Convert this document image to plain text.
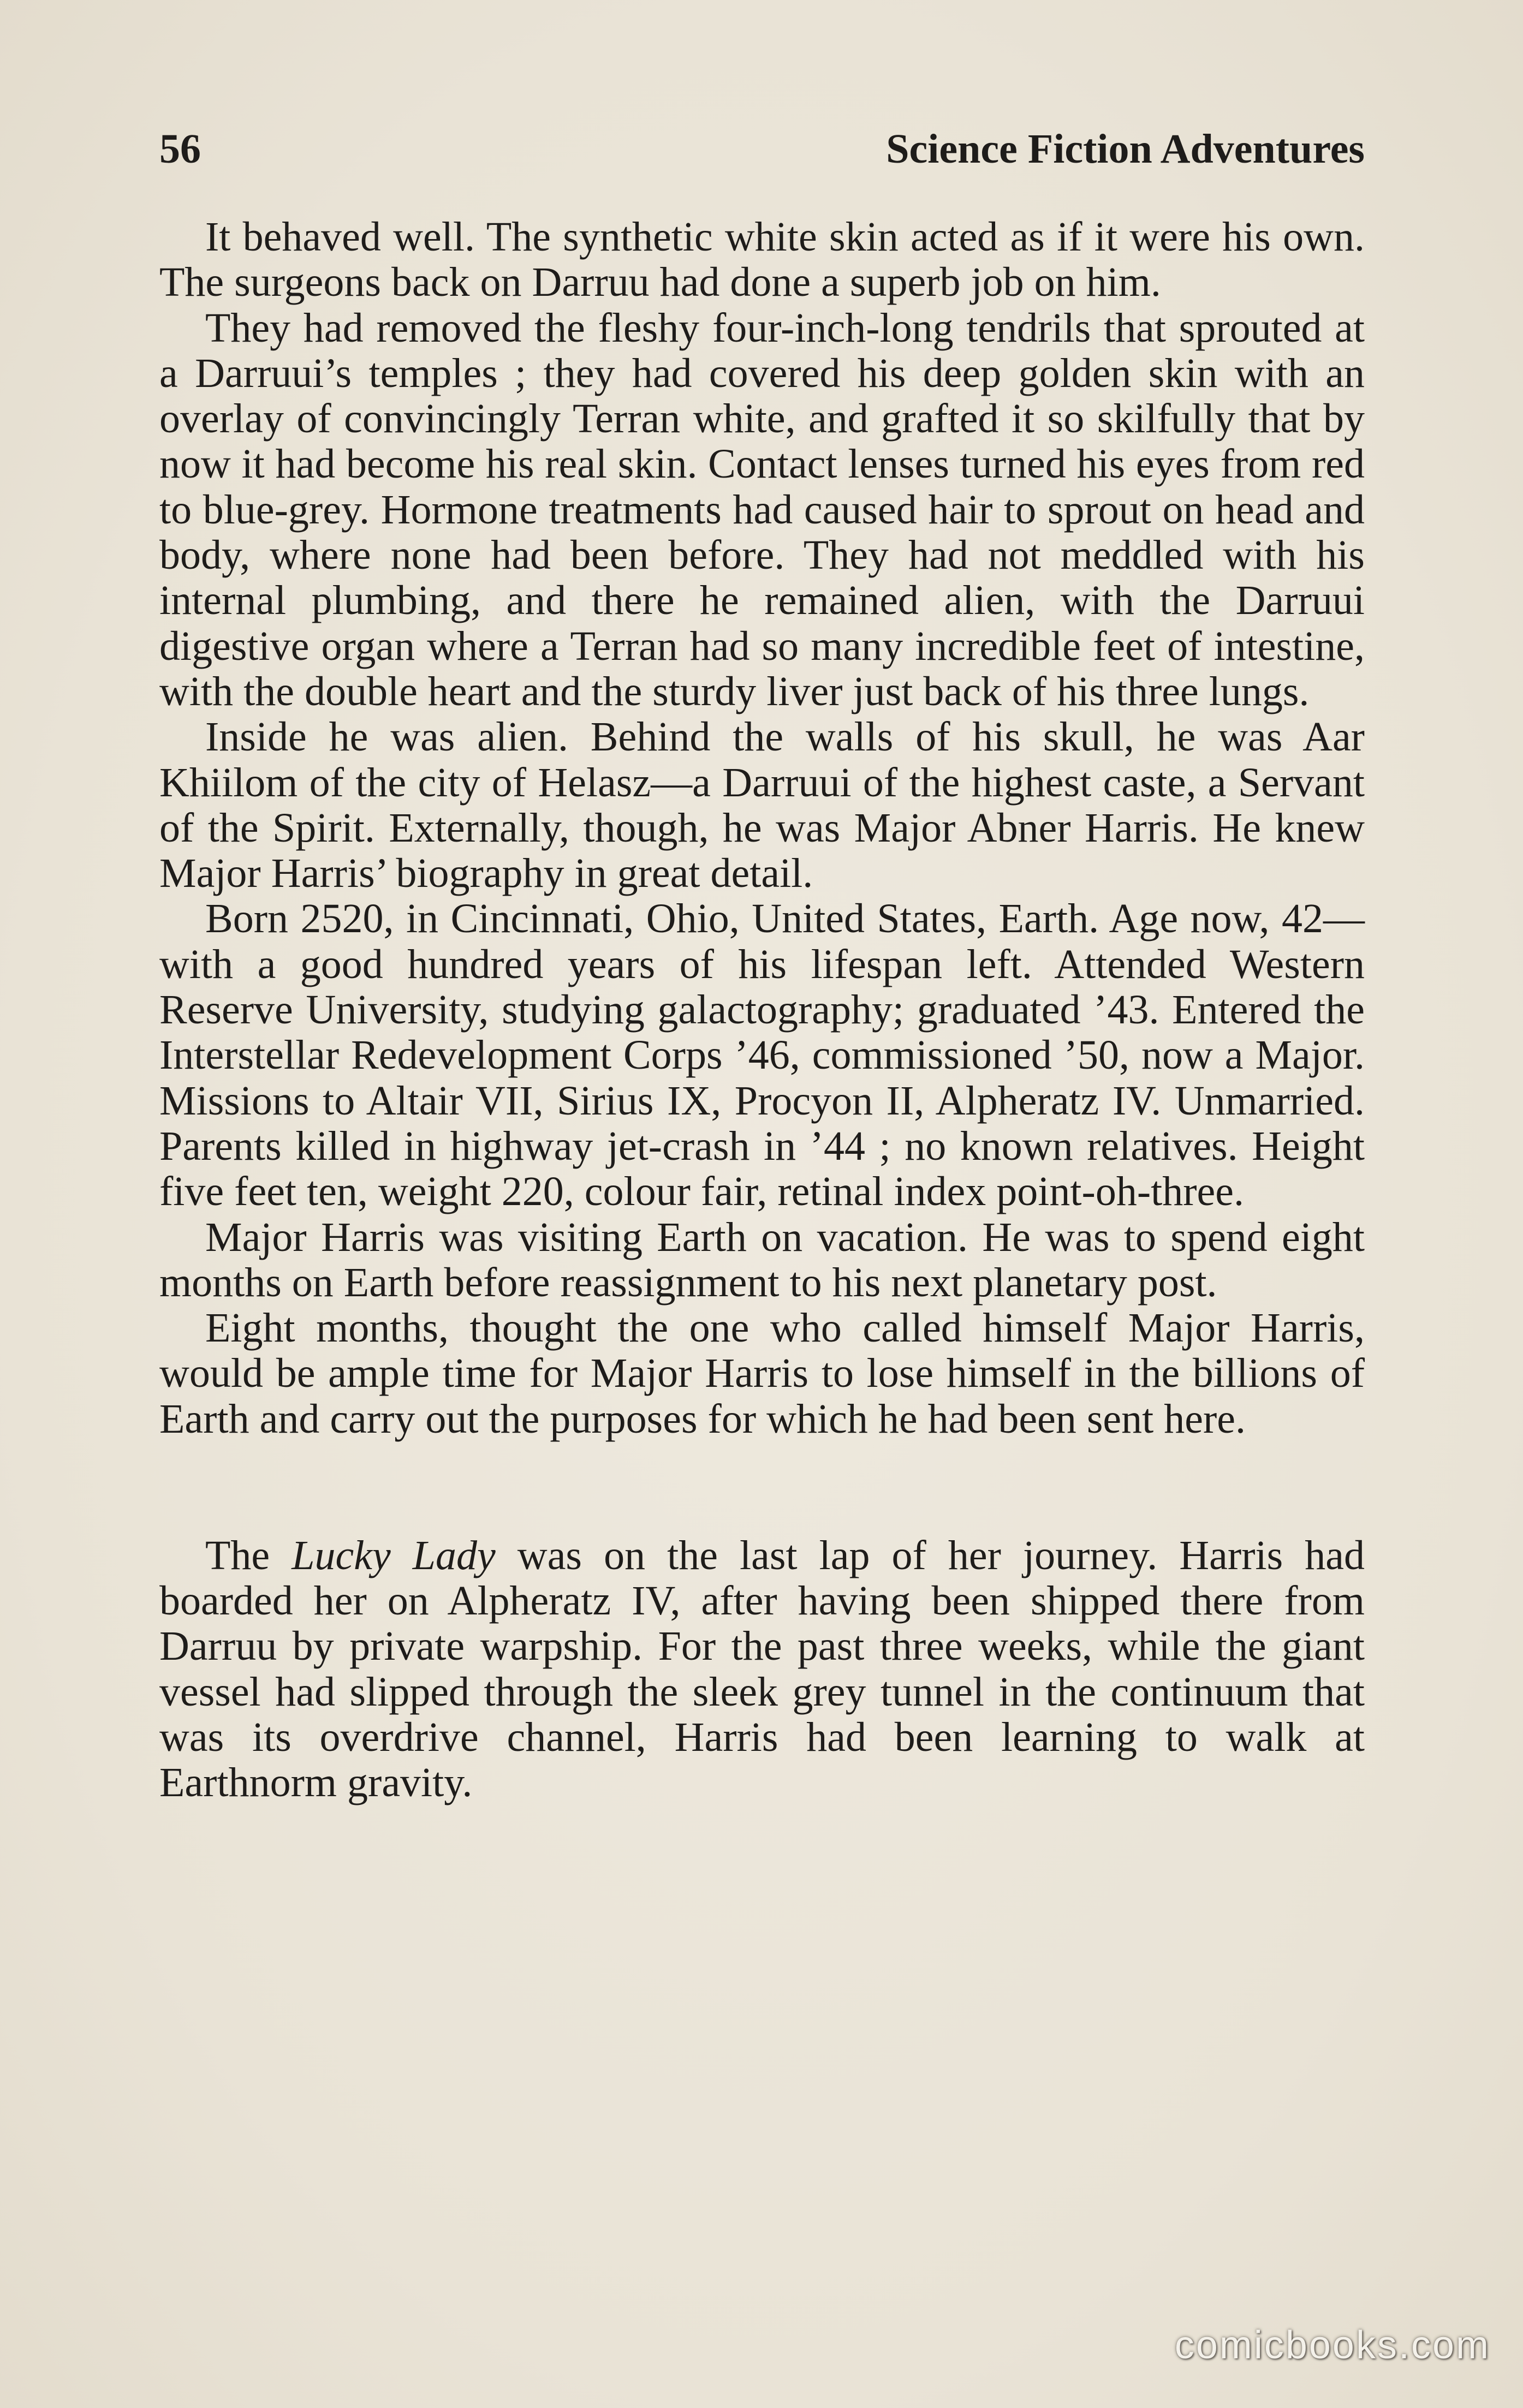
56	Science Fiction Adventures

It behaved well. The synthetic white skin acted as if it were his own. The surgeons back on Darruu had done a superb job on him.

They had removed the fleshy four-inch-long tendrils that sprouted at a Darruui’s temples ; they had covered his deep golden skin with an overlay of convincingly Terran white, and grafted it so skilfully that by now it had become his real skin. Contact lenses turned his eyes from red to blue-grey. Hormone treatments had caused hair to sprout on head and body, where none had been before. They had not meddled with his internal plumbing, and there he remained alien, with the Darruui digestive organ where a Terran had so many incredible feet of intestine, with the double heart and the sturdy liver just back of his three lungs.

Inside he was alien. Behind the walls of his skull, he was Aar Khiilom of the city of Helasz—a Darruui of the highest caste, a Servant of the Spirit. Externally, though, he was Major Abner Harris. He knew Major Harris’ biography in great detail.

Born 2520, in Cincinnati, Ohio, United States, Earth. Age now, 42—with a good hundred years of his lifespan left. Attended Western Reserve University, studying galactography; graduated ’43. Entered the Interstellar Redevelopment Corps ’46, commissioned ’50, now a Major. Missions to Altair VII, Sirius IX, Procyon II, Alpheratz IV. Unmarried. Parents killed in highway jet-crash in ’44 ; no known relatives. Height five feet ten, weight 220, colour fair, retinal index point-oh-three.

Major Harris was visiting Earth on vacation. He was to spend eight months on Earth before reassignment to his next planetary post.

Eight months, thought the one who called himself Major Harris, would be ample time for Major Harris to lose himself in the billions of Earth and carry out the purposes for which he had been sent here.

The Lucky Lady was on the last lap of her journey. Harris had boarded her on Alpheratz IV, after having been shipped there from Darruu by private warpship. For the past three weeks, while the giant vessel had slipped through the sleek grey tunnel in the continuum that was its overdrive channel, Harris had been learning to walk at Earthnorm gravity.

comicbooks.com
